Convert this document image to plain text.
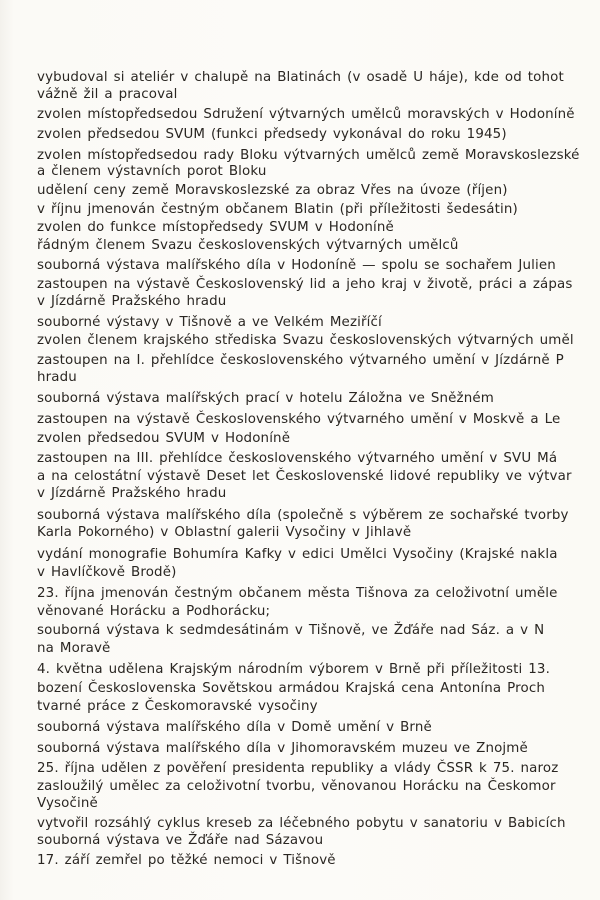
vybudoval si ateliér v chalupě na Blatinách (v osadě U háje), kde od tohot
vážně žil a pracoval
zvolen místopředsedou Sdružení výtvarných umělců moravských v Hodoníně
zvolen předsedou SVUM (funkci předsedy vykonával do roku 1945)
zvolen místopředsedou rady Bloku výtvarných umělců země Moravskoslezské
a členem výstavních porot Bloku
udělení ceny země Moravskoslezské za obraz Vřes na úvoze (říjen)
v říjnu jmenován čestným občanem Blatin (při příležitosti šedesátin)
zvolen do funkce místopředsedy SVUM v Hodoníně
řádným členem Svazu československých výtvarných umělců
souborná výstava malířského díla v Hodoníně — spolu se sochařem Julien
zastoupen na výstavě Československý lid a jeho kraj v životě, práci a zápas
v Jízdárně Pražského hradu
souborné výstavy v Tišnově a ve Velkém Meziříčí
zvolen členem krajského střediska Svazu československých výtvarných uměl
zastoupen na I. přehlídce československého výtvarného umění v Jízdárně P
hradu
souborná výstava malířských prací v hotelu Záložna ve Sněžném
zastoupen na výstavě Československého výtvarného umění v Moskvě a Le
zvolen předsedou SVUM v Hodoníně
zastoupen na III. přehlídce československého výtvarného umění v SVU Má
a na celostátní výstavě Deset let Československé lidové republiky ve výtvar
v Jízdárně Pražského hradu
souborná výstava malířského díla (společně s výběrem ze sochařské tvorby
Karla Pokorného) v Oblastní galerii Vysočiny v Jihlavě
vydání monografie Bohumíra Kafky v edici Umělci Vysočiny (Krajské nakla
v Havlíčkově Brodě)
23. října jmenován čestným občanem města Tišnova za celoživotní uměle
věnované Horácku a Podhorácku;
souborná výstava k sedmdesátinám v Tišnově, ve Žďáře nad Sáz. a v N
na Moravě
4. května udělena Krajským národním výborem v Brně při příležitosti 13.
bození Československa Sovětskou armádou Krajská cena Antonína Proch
tvarné práce z Českomoravské vysočiny
souborná výstava malířského díla v Domě umění v Brně
souborná výstava malířského díla v Jihomoravském muzeu ve Znojmě
25. října udělen z pověření presidenta republiky a vlády ČSSR k 75. naroz
zasloužilý umělec za celoživotní tvorbu, věnovanou Horácku na Českomor
Vysočině
vytvořil rozsáhlý cyklus kreseb za léčebného pobytu v sanatoriu v Babicích
souborná výstava ve Žďáře nad Sázavou
17. září zemřel po těžké nemoci v Tišnově
